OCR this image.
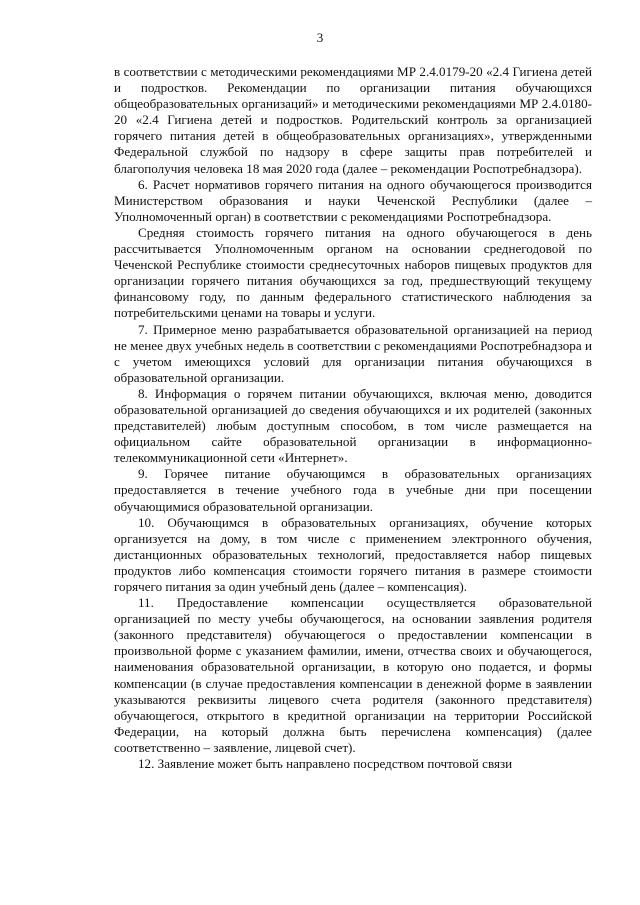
3

в соответствии с методическими рекомендациями МР 2.4.0179-20 «2.4 Гигиена детей и подростков. Рекомендации по организации питания обучающихся общеобразовательных организаций» и методическими рекомендациями МР 2.4.0180-20 «2.4 Гигиена детей и подростков. Родительский контроль за организацией горячего питания детей в общеобразовательных организациях», утвержденными Федеральной службой по надзору в сфере защиты прав потребителей и благополучия человека 18 мая 2020 года (далее – рекомендации Роспотребнадзора).

6. Расчет нормативов горячего питания на одного обучающегося производится Министерством образования и науки Чеченской Республики (далее – Уполномоченный орган) в соответствии с рекомендациями Роспотребнадзора.

Средняя стоимость горячего питания на одного обучающегося в день рассчитывается Уполномоченным органом на основании среднегодовой по Чеченской Республике стоимости среднесуточных наборов пищевых продуктов для организации горячего питания обучающихся за год, предшествующий текущему финансовому году, по данным федерального статистического наблюдения за потребительскими ценами на товары и услуги.

7. Примерное меню разрабатывается образовательной организацией на период не менее двух учебных недель в соответствии с рекомендациями Роспотребнадзора и с учетом имеющихся условий для организации питания обучающихся в образовательной организации.

8. Информация о горячем питании обучающихся, включая меню, доводится образовательной организацией до сведения обучающихся и их родителей (законных представителей) любым доступным способом, в том числе размещается на официальном сайте образовательной организации в информационно-телекоммуникационной сети «Интернет».

9. Горячее питание обучающимся в образовательных организациях предоставляется в течение учебного года в учебные дни при посещении обучающимися образовательной организации.

10. Обучающимся в образовательных организациях, обучение которых организуется на дому, в том числе с применением электронного обучения, дистанционных образовательных технологий, предоставляется набор пищевых продуктов либо компенсация стоимости горячего питания в размере стоимости горячего питания за один учебный день (далее – компенсация).

11. Предоставление компенсации осуществляется образовательной организацией по месту учебы обучающегося, на основании заявления родителя (законного представителя) обучающегося о предоставлении компенсации в произвольной форме с указанием фамилии, имени, отчества своих и обучающегося, наименования образовательной организации, в которую оно подается, и формы компенсации (в случае предоставления компенсации в денежной форме в заявлении указываются реквизиты лицевого счета родителя (законного представителя) обучающегося, открытого в кредитной организации на территории Российской Федерации, на который должна быть перечислена компенсация) (далее соответственно – заявление, лицевой счет).

12. Заявление может быть направлено посредством почтовой связи
